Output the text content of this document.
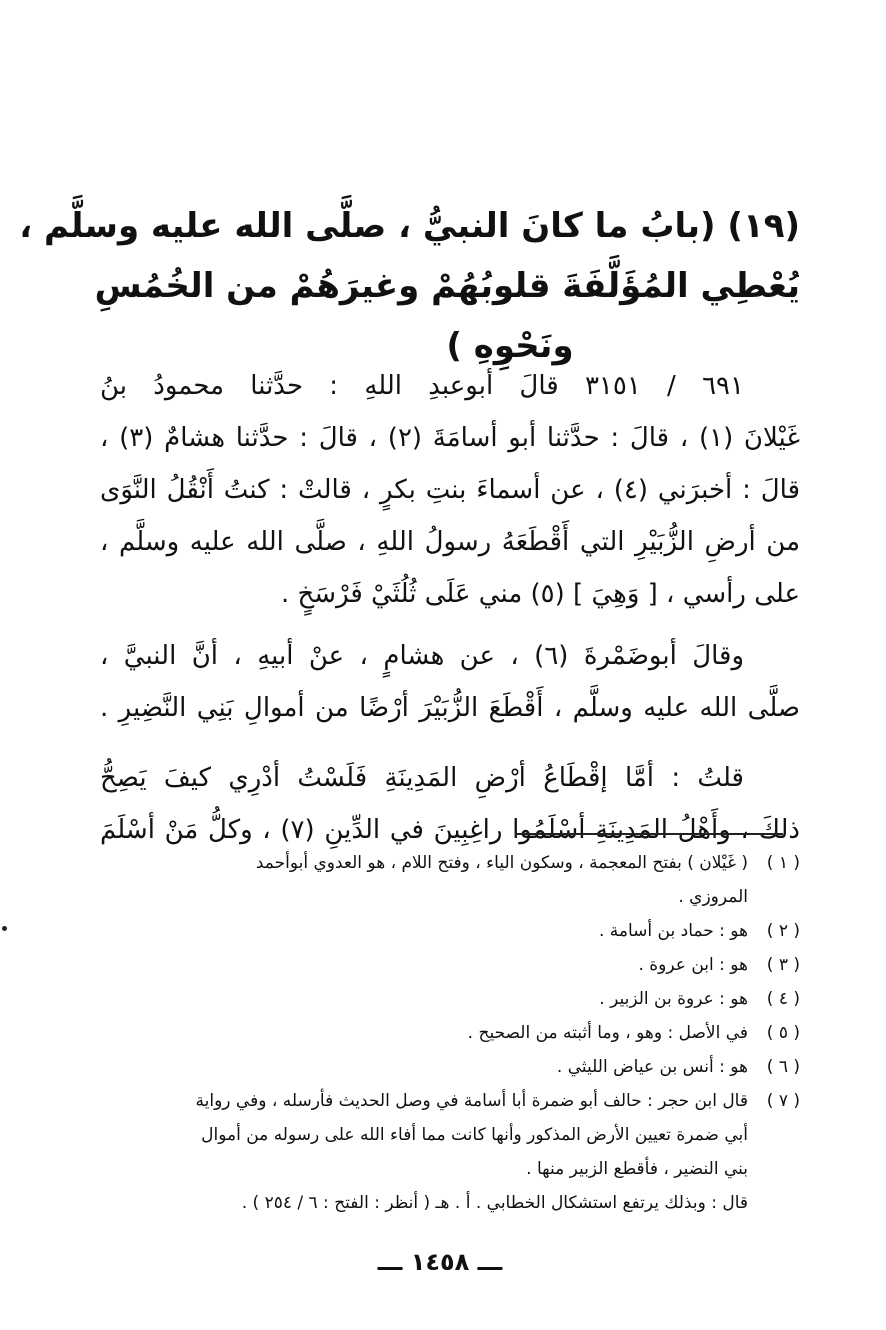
(١٩) (بابُ ما كانَ النبيُّ ، صلَّى الله عليه وسلَّم ،
يُعْطِي المُؤَلَّفَةَ قلوبُهُمْ وغيرَهُمْ من الخُمُسِ
ونَحْوِهِ )

٦٩١ / ٣١٥١ قالَ أبوعبدِ اللهِ : حدَّثنا محمودُ بنُ
غَيْلانَ (١) ، قالَ : حدَّثنا أبو أسامَةَ (٢) ، قالَ : حدَّثنا هشامٌ (٣) ،
قالَ : أخبرَني (٤) ، عن أسماءَ بنتِ بكرٍ ، قالتْ : كنتُ أَنْقُلُ النَّوَى
من أرضِ الزُّبَيْرِ التي أَقْطَعَهُ رسولُ اللهِ ، صلَّى الله عليه وسلَّم ،
على رأسي ، [ وَهِيَ ] (٥) مني عَلَى ثُلُثَيْ فَرْسَخٍ .

وقالَ أبوضَمْرةَ (٦) ، عن هشامٍ ، عنْ أبيهِ ، أنَّ النبيَّ ،
صلَّى الله عليه وسلَّم ، أَقْطَعَ الزُّبَيْرَ أرْضًا من أموالِ بَنِي النَّضِيرِ .

قلتُ : أمَّا إقْطَاعُ أرْضِ المَدِينَةِ فَلَسْتُ أدْرِي كيفَ يَصِحُّ
ذلكَ ، وأَهْلُ المَدِينَةِ أسْلَمُوا راغِبِينَ في الدِّينِ (٧) ، وكلُّ مَنْ أسْلَمَ

( ١ )
( غَيْلان ) بفتح المعجمة ، وسكون الياء ، وفتح اللام ، هو العدوي أبوأحمد
المروزي .
( ٢ )
هو : حماد بن أسامة .
( ٣ )
هو : ابن عروة .
( ٤ )
هو : عروة بن الزبير .
( ٥ )
في الأصل : وهو ، وما أثبته من الصحيح .
( ٦ )
هو : أنس بن عياض الليثي .
( ٧ )
قال ابن حجر : حالف أبو ضمرة أبا أسامة في وصل الحديث فأرسله ، وفي رواية
أبي ضمرة تعيين الأرض المذكور وأنها كانت مما أفاء الله على رسوله من أموال
بني النضير ، فأقطع الزبير منها .
قال : وبذلك يرتفع استشكال الخطابي . أ . هـ ( أنظر : الفتح : ٦ / ٢٥٤ ) .
ـــ ١٤٥٨ ـــ
